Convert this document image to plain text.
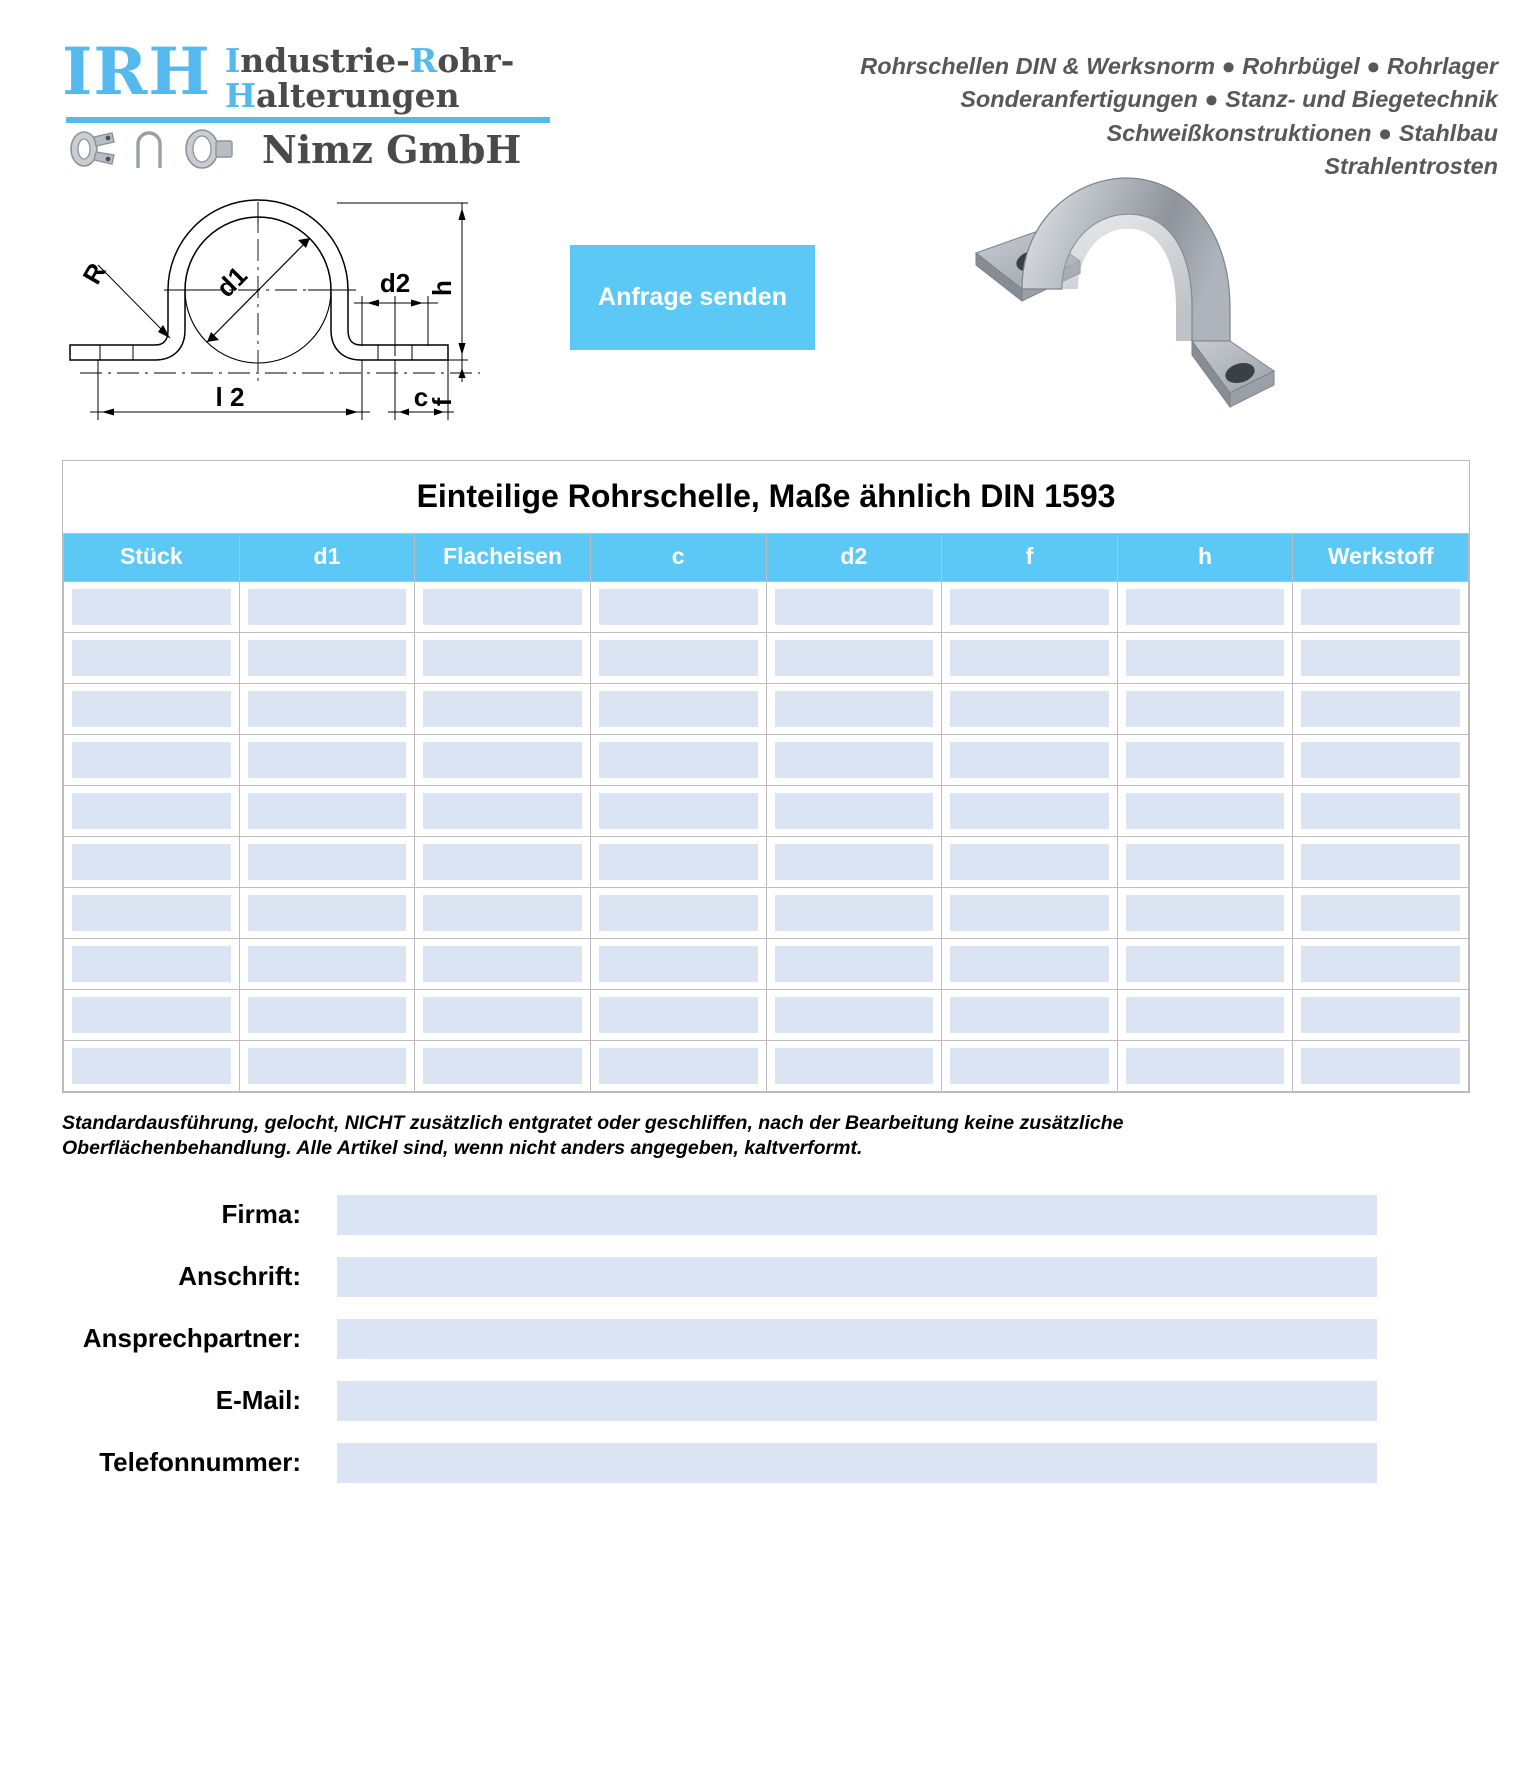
IRH Industrie-Rohr-
Halterungen
Nimz GmbH
Rohrschellen DIN & Werksnorm ● Rohrbügel ● Rohrlager
Sonderanfertigungen ● Stanz- und Biegetechnik
Schweißkonstruktionen ● Stahlbau
Strahlentrosten
h
f
d1
R	d2
l 2	c
Anfrage senden
Einteilige Rohrschelle, Maße ähnlich DIN 1593
Stück	d1	Flacheisen	c	d2	f	h	Werkstoff

Standardausführung, gelocht, NICHT zusätzlich entgratet oder geschliffen, nach der Bearbeitung keine zusätzliche
Oberflächenbehandlung. Alle Artikel sind, wenn nicht anders angegeben, kaltverformt.
Firma:
Anschrift:
Ansprechpartner:
E-Mail:
Telefonnummer:
